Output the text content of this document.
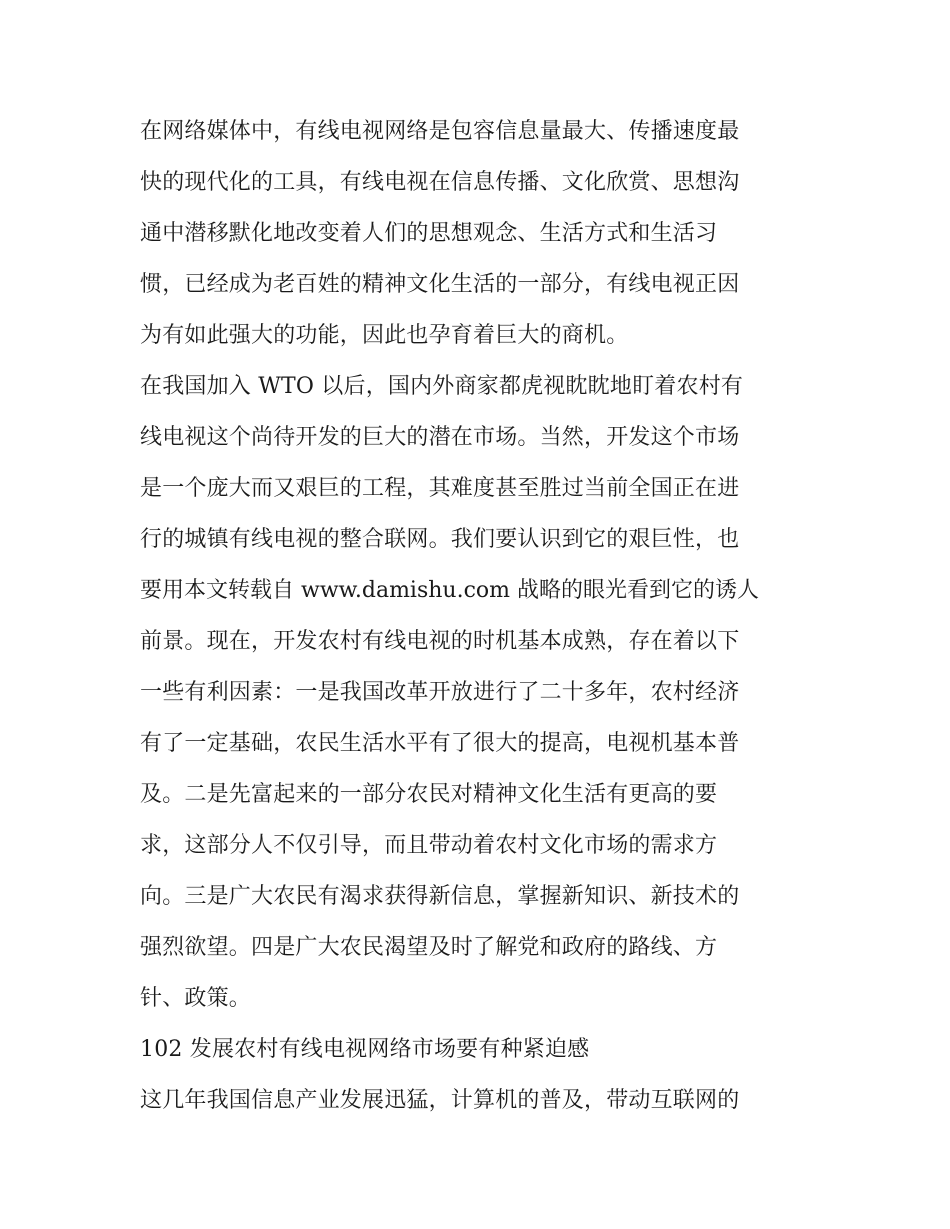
在网络媒体中，有线电视网络是包容信息量最大、传播速度最
快的现代化的工具，有线电视在信息传播、文化欣赏、思想沟
通中潜移默化地改变着人们的思想观念、生活方式和生活习
惯，已经成为老百姓的精神文化生活的一部分，有线电视正因
为有如此强大的功能，因此也孕育着巨大的商机。
在我国加入 WTO 以后，国内外商家都虎视眈眈地盯着农村有
线电视这个尚待开发的巨大的潜在市场。当然，开发这个市场
是一个庞大而又艰巨的工程，其难度甚至胜过当前全国正在进
行的城镇有线电视的整合联网。我们要认识到它的艰巨性，也
要用本文转载自 www.damishu.com 战略的眼光看到它的诱人
前景。现在，开发农村有线电视的时机基本成熟，存在着以下
一些有利因素：一是我国改革开放进行了二十多年，农村经济
有了一定基础，农民生活水平有了很大的提高，电视机基本普
及。二是先富起来的一部分农民对精神文化生活有更高的要
求，这部分人不仅引导，而且带动着农村文化市场的需求方
向。三是广大农民有渴求获得新信息，掌握新知识、新技术的
强烈欲望。四是广大农民渴望及时了解党和政府的路线、方
针、政策。
102 发展农村有线电视网络市场要有种紧迫感
这几年我国信息产业发展迅猛，计算机的普及，带动互联网的
